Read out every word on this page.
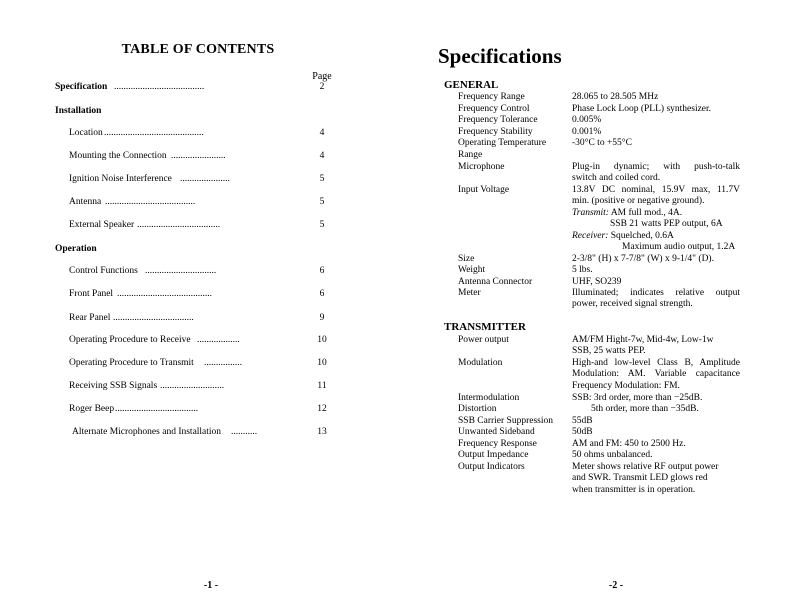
TABLE OF CONTENTS
Page
Specification ......................................	2
Installation
Location ..........................................	4
Mounting the Connection .......................	4
Ignition Noise Interference .....................	5
Antenna ......................................	5
External Speaker ...................................	5
Operation
Control Functions ..............................	6
Front Panel ........................................	6
Rear Panel ..................................	9
Operating Procedure to Receive ..................	10
Operating Procedure to Transmit ................	10
Receiving SSB Signals ...........................	11
Roger Beep ...................................	12
Alternate Microphones and Installation ...........	13
-1 -
Specifications
GENERAL
Frequency Range	28.065 to 28.505 MHz
Frequency Control	Phase Lock Loop (PLL) synthesizer.
Frequency Tolerance	0.005%
Frequency Stability	0.001%
Operating Temperature	-30°C to +55°C
Range
Microphone	Plug-in dynamic; with push-to-talk
switch and coiled cord.
Input Voltage	13.8V DC nominal, 15.9V max, 11.7V
min. (positive or negative ground).
Transmit: AM full mod., 4A.
SSB 21 watts PEP output, 6A
Receiver: Squelched, 0.6A
Maximum audio output, 1.2A
Size	2-3/8" (H) x 7-7/8" (W) x 9-1/4" (D).
Weight	5 lbs.
Antenna Connector	UHF, SO239
Meter	Illuminated; indicates relative output
power, received signal strength.
TRANSMITTER
Power output	AM/FM Hight-7w, Mid-4w, Low-1w
SSB, 25 watts PEP.
Modulation	High-and low-level Class B, Amplitude
Modulation: AM. Variable capacitance
Frequency Modulation: FM.
Intermodulation	SSB: 3rd order, more than −25dB.
Distortion	5th order, more than −35dB.
SSB Carrier Suppression	55dB
Unwanted Sideband	50dB
Frequency Response	AM and FM: 450 to 2500 Hz.
Output Impedance	50 ohms unbalanced.
Output Indicators	Meter shows relative RF output power
and SWR. Transmit LED glows red
when transmitter is in operation.
-2 -
